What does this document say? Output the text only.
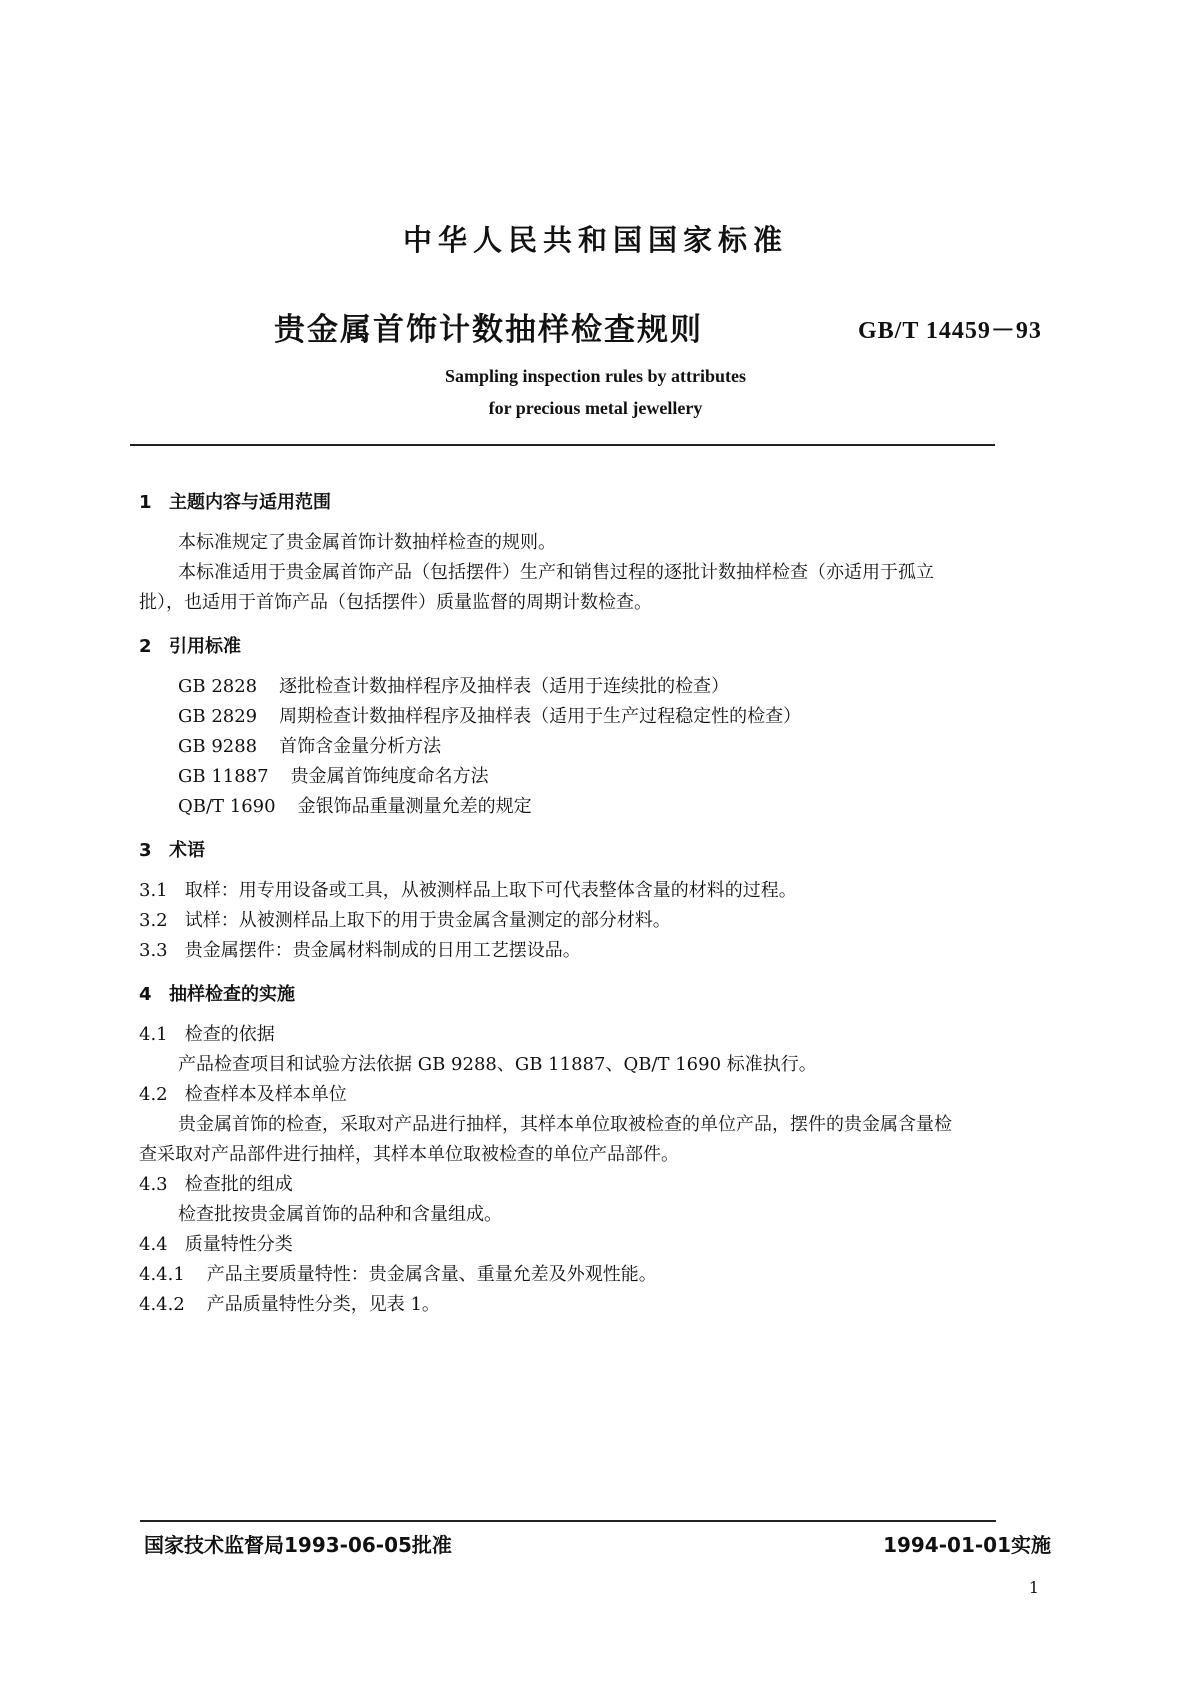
中华人民共和国国家标准
贵金属首饰计数抽样检查规则	GB/T 14459－93
Sampling inspection rules by attributes
for precious metal jewellery
1 主题内容与适用范围
本标准规定了贵金属首饰计数抽样检查的规则。
本标准适用于贵金属首饰产品（包括摆件）生产和销售过程的逐批计数抽样检查（亦适用于孤立
批），也适用于首饰产品（包括摆件）质量监督的周期计数检查。
2 引用标准
GB 2828 逐批检查计数抽样程序及抽样表（适用于连续批的检查）
GB 2829 周期检查计数抽样程序及抽样表（适用于生产过程稳定性的检查）
GB 9288 首饰含金量分析方法
GB 11887 贵金属首饰纯度命名方法
QB/T 1690 金银饰品重量测量允差的规定
3 术语
3.1 取样：用专用设备或工具，从被测样品上取下可代表整体含量的材料的过程。
3.2 试样：从被测样品上取下的用于贵金属含量测定的部分材料。
3.3 贵金属摆件：贵金属材料制成的日用工艺摆设品。
4 抽样检查的实施
4.1 检查的依据
产品检查项目和试验方法依据 GB 9288、GB 11887、QB/T 1690 标准执行。
4.2 检查样本及样本单位
贵金属首饰的检查，采取对产品进行抽样，其样本单位取被检查的单位产品，摆件的贵金属含量检
查采取对产品部件进行抽样，其样本单位取被检查的单位产品部件。
4.3 检查批的组成
检查批按贵金属首饰的品种和含量组成。
4.4 质量特性分类
4.4.1 产品主要质量特性：贵金属含量、重量允差及外观性能。
4.4.2 产品质量特性分类，见表 1。
国家技术监督局1993-06-05批准	1994-01-01实施
1
